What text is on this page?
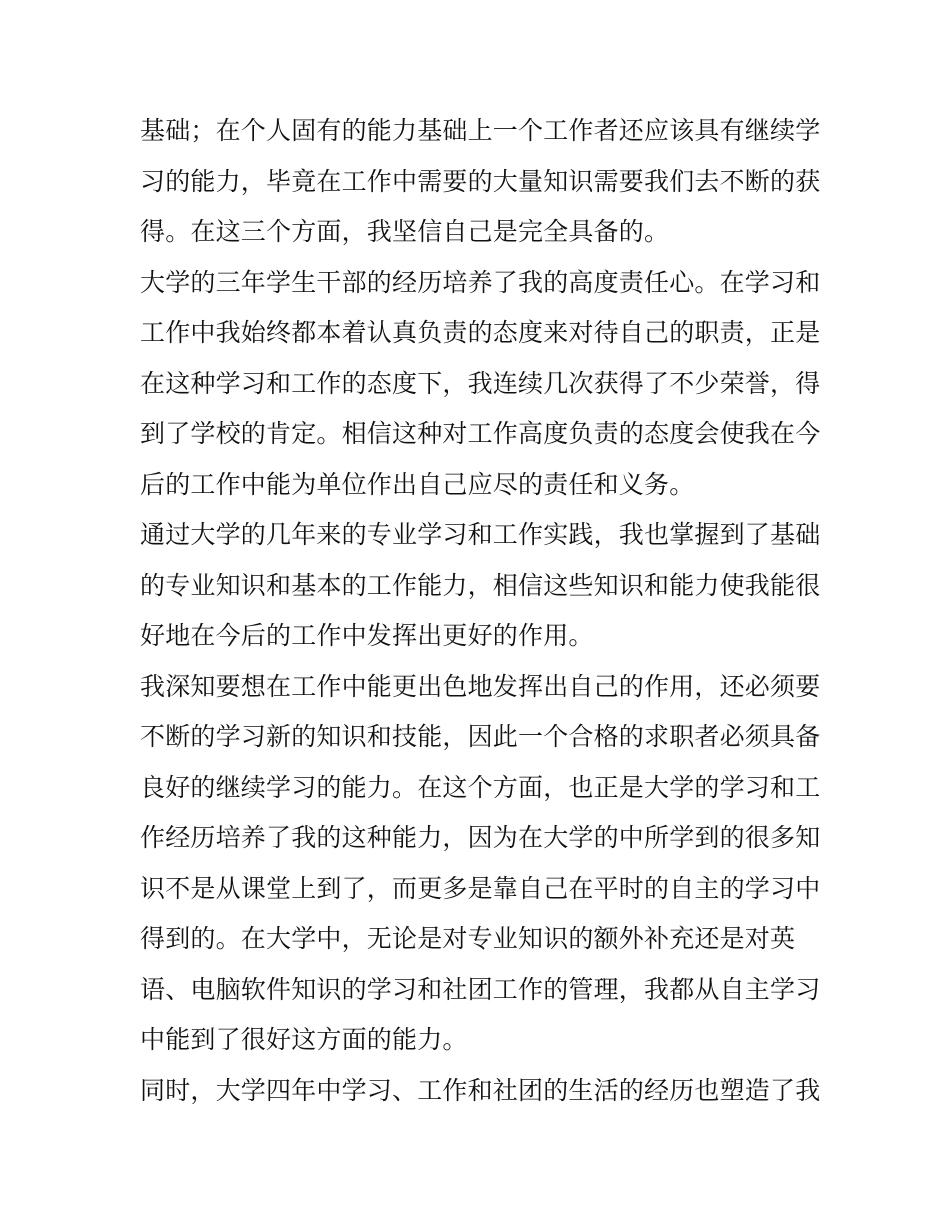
基础；在个人固有的能力基础上一个工作者还应该具有继续学
习的能力，毕竟在工作中需要的大量知识需要我们去不断的获
得。在这三个方面，我坚信自己是完全具备的。
大学的三年学生干部的经历培养了我的高度责任心。在学习和
工作中我始终都本着认真负责的态度来对待自己的职责，正是
在这种学习和工作的态度下，我连续几次获得了不少荣誉，得
到了学校的肯定。相信这种对工作高度负责的态度会使我在今
后的工作中能为单位作出自己应尽的责任和义务。
通过大学的几年来的专业学习和工作实践，我也掌握到了基础
的专业知识和基本的工作能力，相信这些知识和能力使我能很
好地在今后的工作中发挥出更好的作用。
我深知要想在工作中能更出色地发挥出自己的作用，还必须要
不断的学习新的知识和技能，因此一个合格的求职者必须具备
良好的继续学习的能力。在这个方面，也正是大学的学习和工
作经历培养了我的这种能力，因为在大学的中所学到的很多知
识不是从课堂上到了，而更多是靠自己在平时的自主的学习中
得到的。在大学中，无论是对专业知识的额外补充还是对英
语、电脑软件知识的学习和社团工作的管理，我都从自主学习
中能到了很好这方面的能力。
同时，大学四年中学习、工作和社团的生活的经历也塑造了我
